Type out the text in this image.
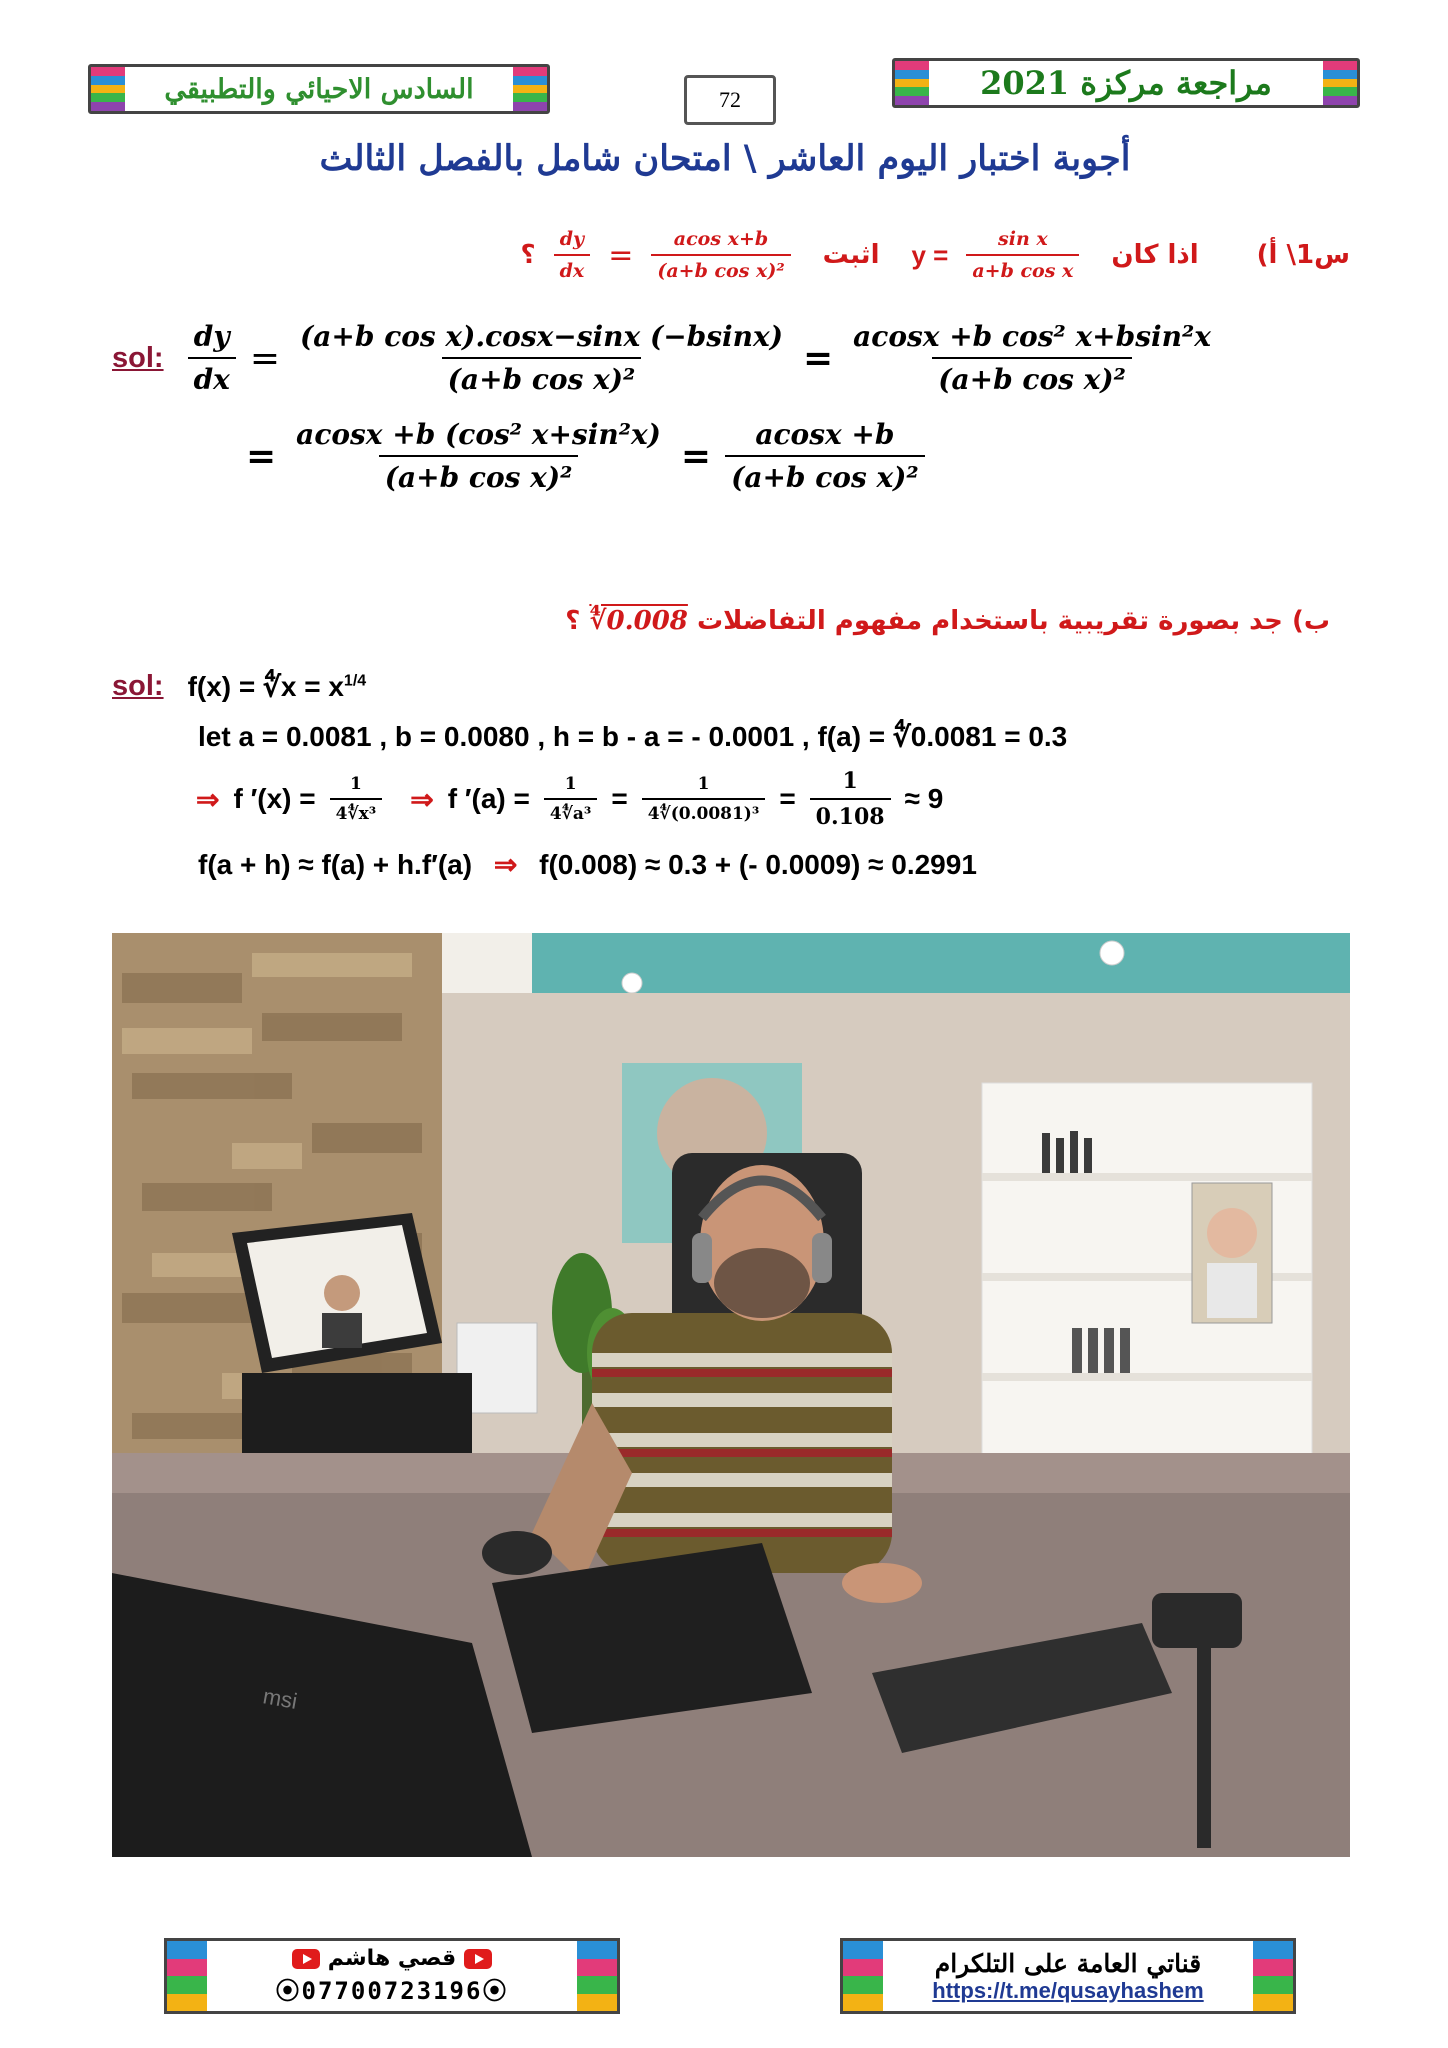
السادس الاحيائي والتطبيقي	72	مراجعة مركزة 2021
أجوبة اختبار اليوم العاشر \ امتحان شامل بالفصل الثالث
؟ $\frac{dy}{dx} = \frac{\text{acos x+b}}{\text{(a+b cos x)²}}$ اثبت $y = \frac{\text{sin x}}{\text{a+b cos x}}$ اذا كان س1\ أ)
sol: $\frac{dy}{dx} = \frac{\text{(a+b cos x).cosx−sinx (−bsinx)}}{\text{(a+b cos x)²}} = \frac{\text{acosx +b cos² x+bsin²x}}{\text{(a+b cos x)²}}$
= $\frac{\text{acosx +b (cos² x+sin²x)}}{\text{(a+b cos x)²}} = \frac{acosx +b}{\text{(a+b cos x)²}}$
ب) جد بصورة تقريبية باستخدام مفهوم التفاضلات ∜0.008 ؟
sol: f(x) = ∜x = $x^{1/4}$
let a = 0.0081 , b = 0.0080 , h = b - a = - 0.0001 , f(a) = ∜0.0081 = 0.3
⇒ f $'(x) = \frac{1}{\text{4∜x³}}$ ⇒ f $'(a) = \frac{1}{\text{4∜a³}} = \frac{1}{\text{4∜(0.0081)³}} = \frac{1}{0.108} \approx 9$
f(a + h) ≈ f(a) + h.f′(a) ⇒ f(0.008) ≈ 0.3 + (- 0.0009) ≈ 0.2991
msi
قصي هاشم
⦿07700723196⦿
قناتي العامة على التلكرام
https://t.me/qusayhashem
